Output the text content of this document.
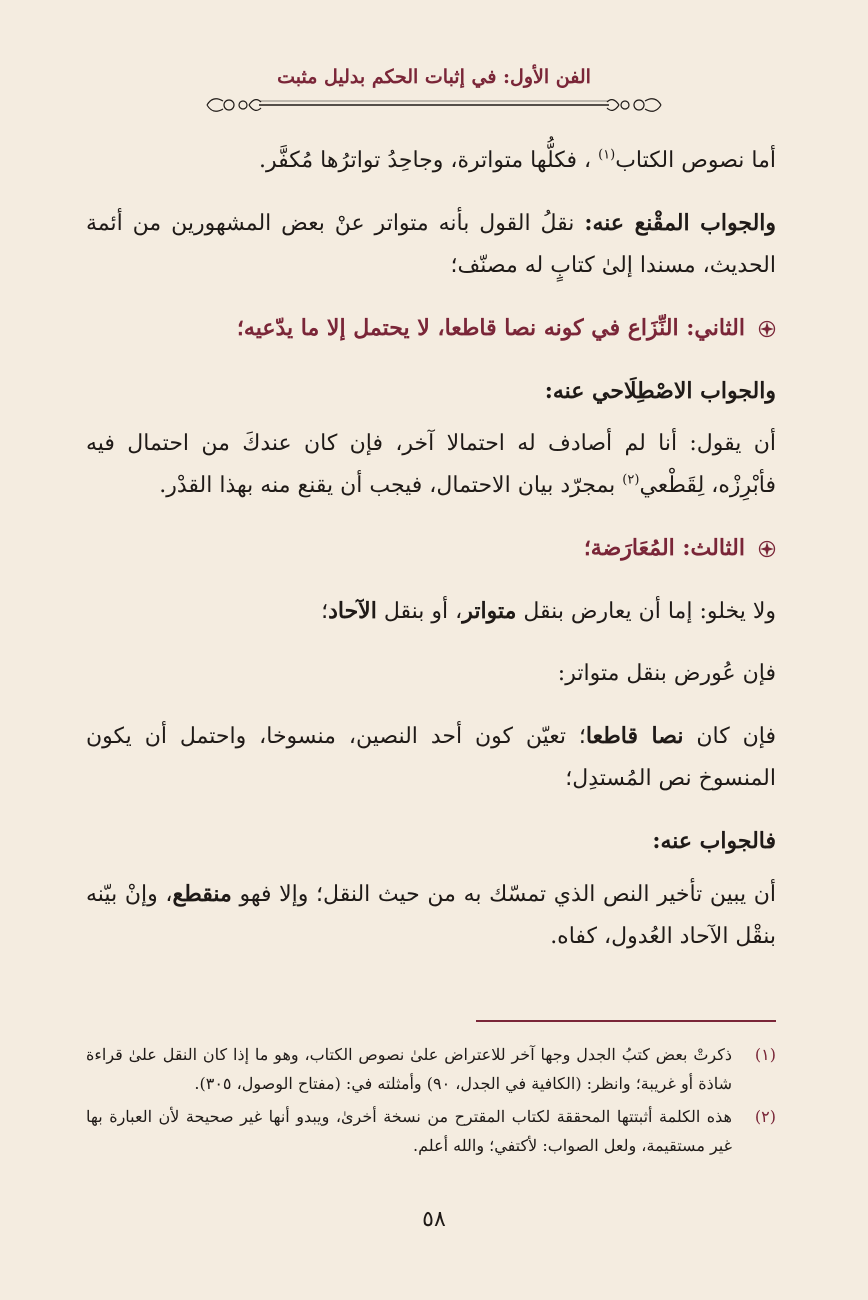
الفن الأول: في إثبات الحكم بدليل مثبت

أما نصوص الكتاب$^{(١)}$ ، فكلُّها متواترة، وجاحِدُ تواترُها مُكفَّر.

والجواب المقْنع عنه: نقلُ القول بأنه متواتر عنْ بعض المشهورين من أئمة الحديث، مسندا إلىٰ كتابٍ له مصنّف؛

الثاني: النِّزَاع في كونه نصا قاطعا، لا يحتمل إلا ما يدّعيه؛

والجواب الاصْطِلَاحي عنه:

أن يقول: أنا لم أصادف له احتمالا آخر، فإن كان عندكَ من احتمال فيه فأبْرِزْه، لِقَطْعي$^{(٢)}$ بمجرّد بيان الاحتمال، فيجب أن يقنع منه بهذا القدْر.

الثالث: المُعَارَضة؛

ولا يخلو: إما أن يعارض بنقل متواتر، أو بنقل الآحاد؛

فإن عُورض بنقل متواتر:

فإن كان نصا قاطعا؛ تعيّن كون أحد النصين، منسوخا، واحتمل أن يكون المنسوخ نص المُستدِل؛

فالجواب عنه:

أن يبين تأخير النص الذي تمسّك به من حيث النقل؛ وإلا فهو منقطع، وإنْ بيّنه بنقْل الآحاد العُدول، كفاه.

(١)
ذكرتْ بعض كتبُ الجدل وجها آخر للاعتراض علىٰ نصوص الكتاب، وهو ما إذا كان النقل علىٰ قراءة شاذة أو غريبة؛ وانظر: (الكافية في الجدل، ٩٠) وأمثلته في: (مفتاح الوصول، ٣٠٥).

(٢)
هذه الكلمة أثبتتها المحققة لكتاب المقترح من نسخة أخرىٰ، ويبدو أنها غير صحيحة لأن العبارة بها غير مستقيمة، ولعل الصواب: لأكتفي؛ والله أعلم.

٥٨
